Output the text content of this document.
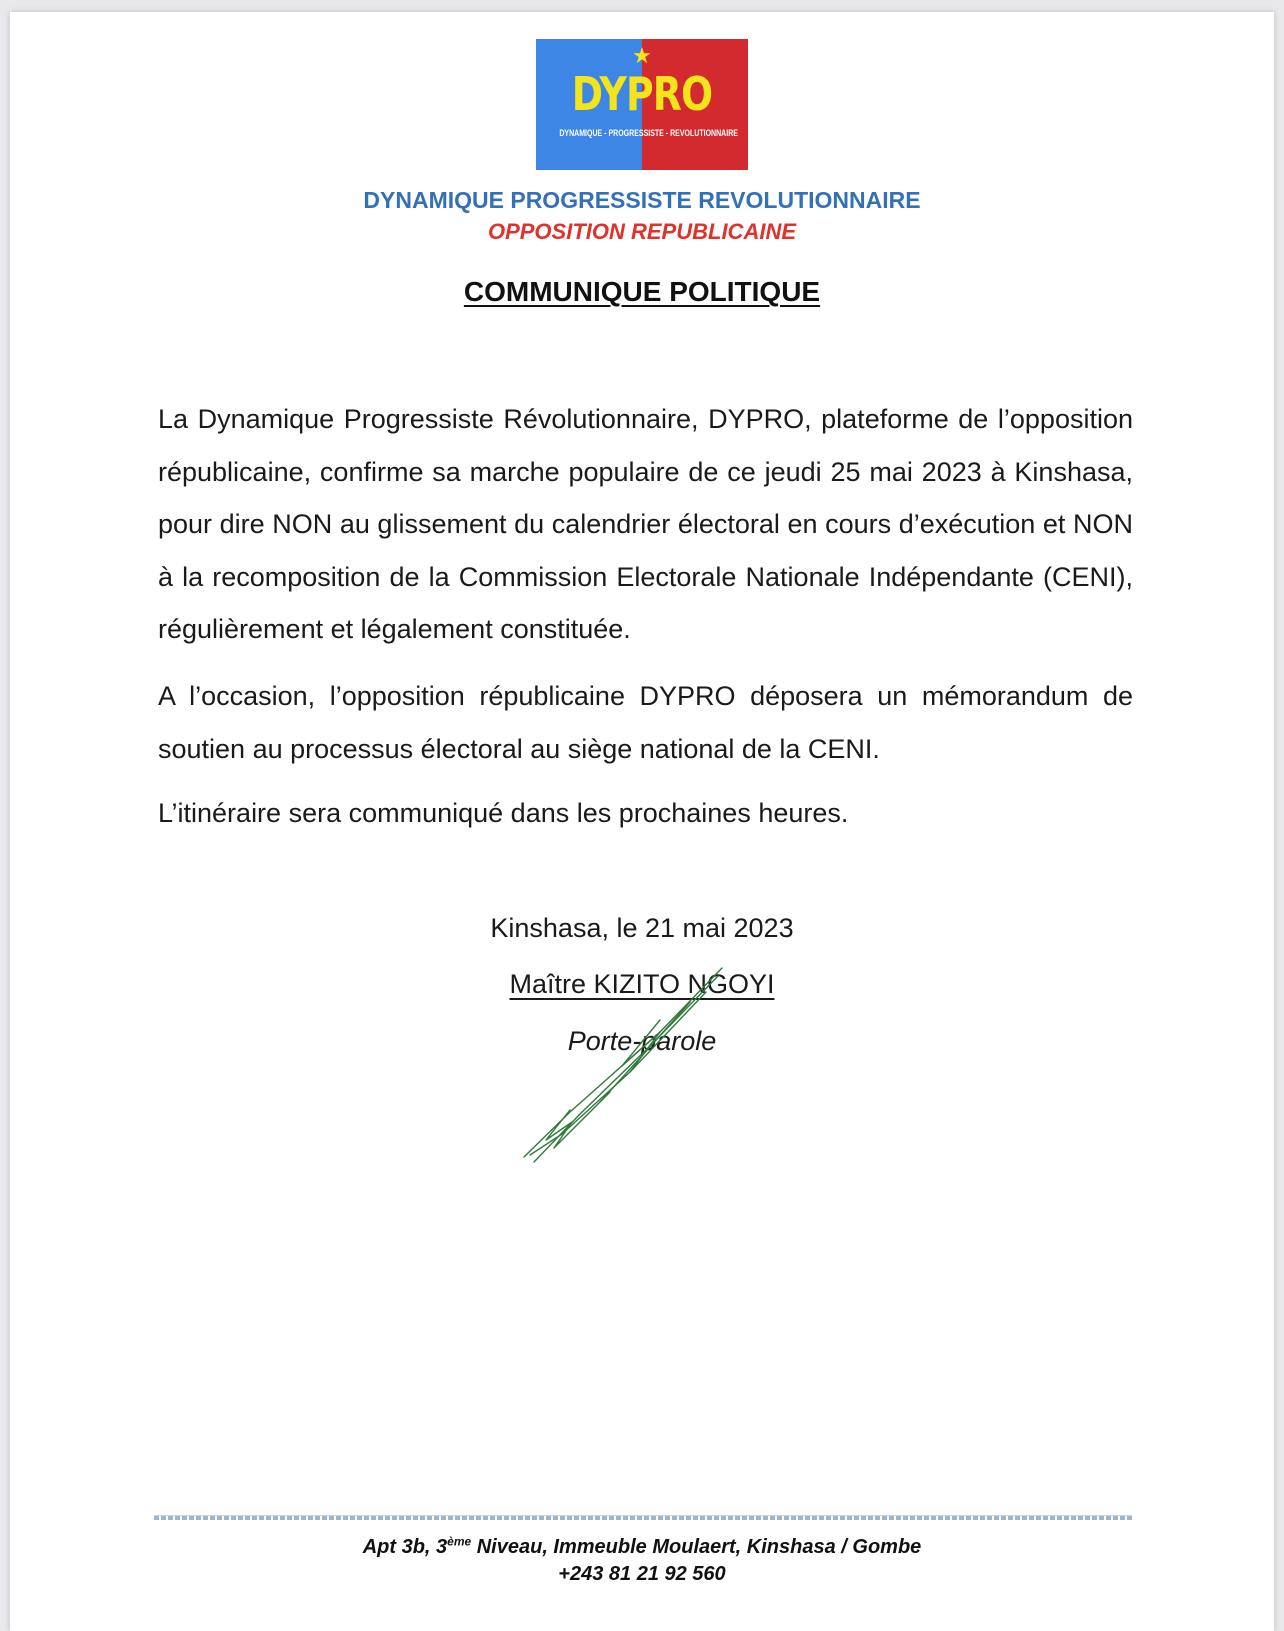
★
DYPRO
DYNAMIQUE - PROGRESSISTE - REVOLUTIONNAIRE
DYNAMIQUE PROGRESSISTE REVOLUTIONNAIRE
OPPOSITION REPUBLICAINE
COMMUNIQUE POLITIQUE

La Dynamique Progressiste Révolutionnaire, DYPRO, plateforme de l’opposition républicaine, confirme sa marche populaire de ce jeudi 25 mai 2023 à Kinshasa, pour dire NON au glissement du calendrier électoral en cours d’exécution et NON à la recomposition de la Commission Electorale Nationale Indépendante (CENI), régulièrement et légalement constituée.

A l’occasion, l’opposition républicaine DYPRO déposera un mémorandum de soutien au processus électoral au siège national de la CENI.

L’itinéraire sera communiqué dans les prochaines heures.

Kinshasa, le 21 mai 2023
Maître KIZITO NGOYI
Porte-parole
Apt 3b, 3ème Niveau, Immeuble Moulaert, Kinshasa / Gombe
+243 81 21 92 560
